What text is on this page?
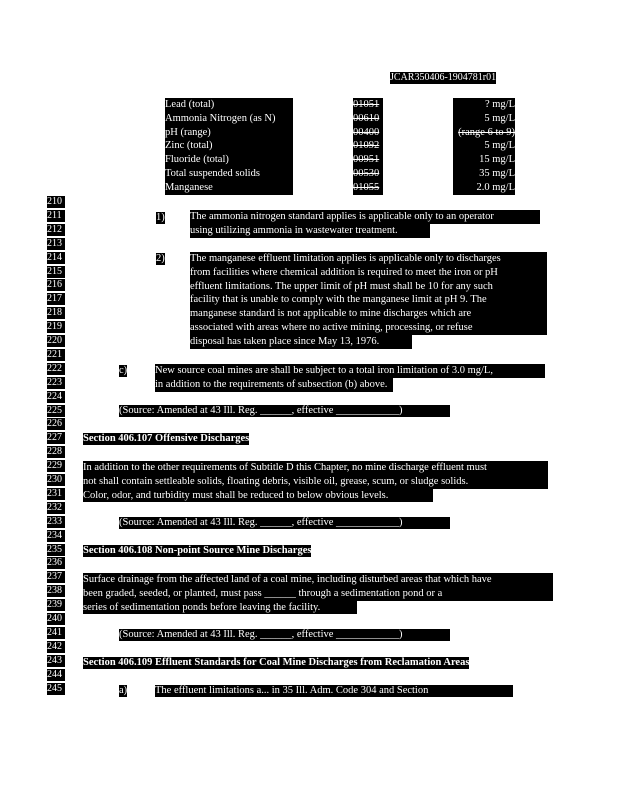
JCAR350406-1904781r01
Lead (total)
Ammonia Nitrogen (as N)
pH (range)
Zinc (total)
Fluoride (total)
Total suspended solids
Manganese
01051
00610
00400
01092
00951
00530
01055
? mg/L
5 mg/L
(range 6 to 9)
5 mg/L
15 mg/L
35 mg/L
2.0 mg/L
210
211
212
213
214
215
216
217
218
219
220
221
222
223
224
225
226
227
228
229
230
231
232
233
234
235
236
237
238
239
240
241
242
243
244
245
1) The ammonia nitrogen standard applies is applicable only to an operator
using utilizing ammonia in wastewater treatment.
2) The manganese effluent limitation applies is applicable only to discharges
from facilities where chemical addition is required to meet the iron or pH
effluent limitations. The upper limit of pH must shall be 10 for any such
facility that is unable to comply with the manganese limit at pH 9. The
manganese standard is not applicable to mine discharges which are
associated with areas where no active mining, processing, or refuse
disposal has taken place since May 13, 1976.
c)	New source coal mines are shall be subject to a total iron limitation of 3.0 mg/L,
in addition to the requirements of subsection (b) above.
(Source: Amended at 43 Ill. Reg. ______, effective ____________)
Section 406.107 Offensive Discharges
In addition to the other requirements of Subtitle D this Chapter, no mine discharge effluent must
not shall contain settleable solids, floating debris, visible oil, grease, scum, or sludge solids.
Color, odor, and turbidity must shall be reduced to below obvious levels.
(Source: Amended at 43 Ill. Reg. ______, effective ____________)
Section 406.108 Non-point Source Mine Discharges
Surface drainage from the affected land of a coal mine, including disturbed areas that which have
been graded, seeded, or planted, must pass ______ through a sedimentation pond or a
series of sedimentation ponds before leaving the facility.
(Source: Amended at 43 Ill. Reg. ______, effective ____________)
Section 406.109 Effluent Standards for Coal Mine Discharges from Reclamation Areas
a)	The effluent limitations a... in 35 Ill. Adm. Code 304 and Section
